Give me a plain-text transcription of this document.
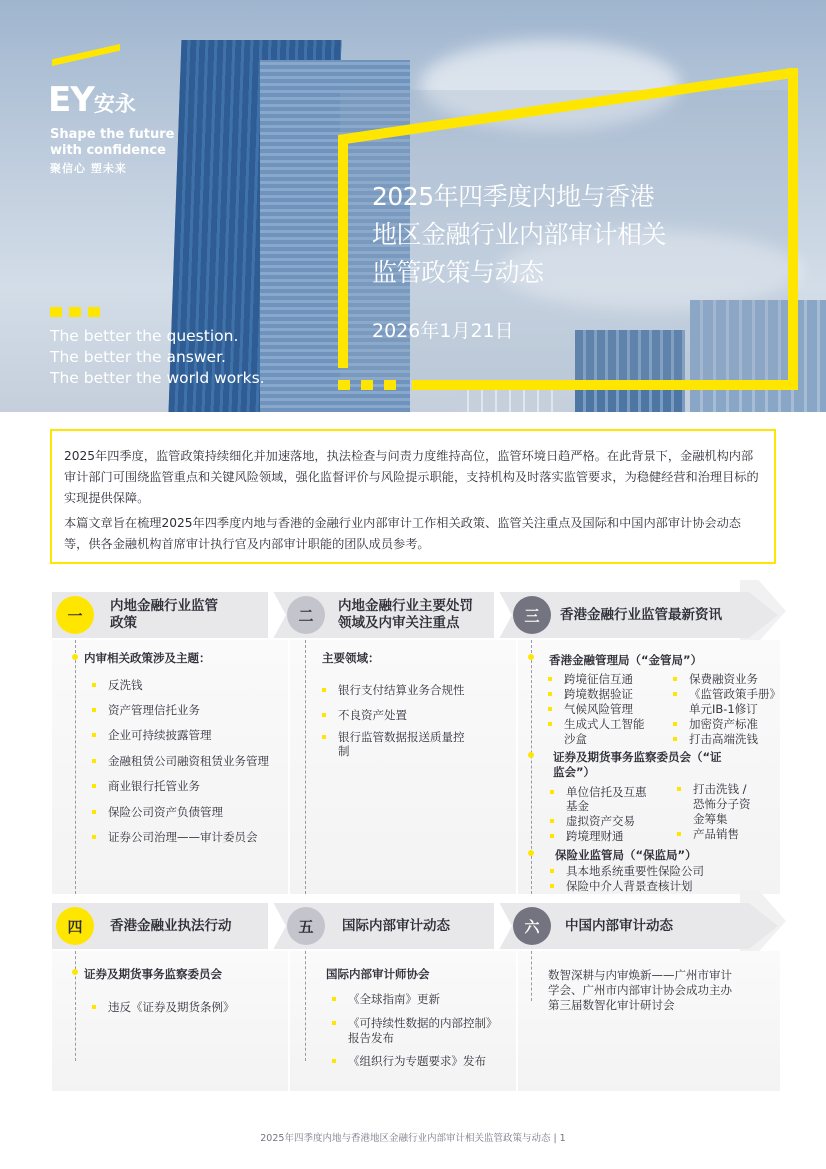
EY安永
Shape the future
with confidence
聚信心 塑未来
The better the question.
The better the answer.
The better the world works.
2025年四季度内地与香港
地区金融行业内部审计相关
监管政策与动态
2026年1月21日

2025年四季度，监管政策持续细化并加速落地，执法检查与问责力度维持高位，监管环境日趋严格。在此背景下，金融机构内部审计部门可围绕监管重点和关键风险领域，强化监督评价与风险提示职能，支持机构及时落实监管要求，为稳健经营和治理目标的实现提供保障。

本篇文章旨在梳理2025年四季度内地与香港的金融行业内部审计工作相关政策、监管关注重点及国际和中国内部审计协会动态等，供各金融机构首席审计执行官及内部审计职能的团队成员参考。

一
内地金融行业监管
政策	二
内地金融行业主要处罚
领域及内审关注重点	三	香港金融行业监管最新资讯
内审相关政策涉及主题：
反洗钱
资产管理信托业务
企业可持续披露管理
金融租赁公司融资租赁业务管理
商业银行托管业务
保险公司资产负债管理
证券公司治理——审计委员会
主要领域：
银行支付结算业务合规性
不良资产处置
银行监管数据报送质量控
制
香港金融管理局（“金管局”）
跨境征信互通
跨境数据验证
气候风险管理
生成式人工智能
沙盒
保费融资业务
《监管政策手册》
单元IB-1修订
加密资产标准
打击高端洗钱
证券及期货事务监察委员会（“证
监会”）
单位信托及互惠
基金
虚拟资产交易
跨境理财通
打击洗钱 /
恐怖分子资
金筹集
产品销售
保险业监管局（“保监局”）
具本地系统重要性保险公司
保险中介人背景查核计划
四	香港金融业执法行动	五	国际内部审计动态	六	中国内部审计动态
证券及期货事务监察委员会
违反《证券及期货条例》
国际内部审计师协会
《全球指南》更新
《可持续性数据的内部控制》
报告发布
《组织行为专题要求》发布
数智深耕与内审焕新——广州市审计
学会、广州市内部审计协会成功主办
第三届数智化审计研讨会
2025年四季度内地与香港地区金融行业内部审计相关监管政策与动态 | 1
